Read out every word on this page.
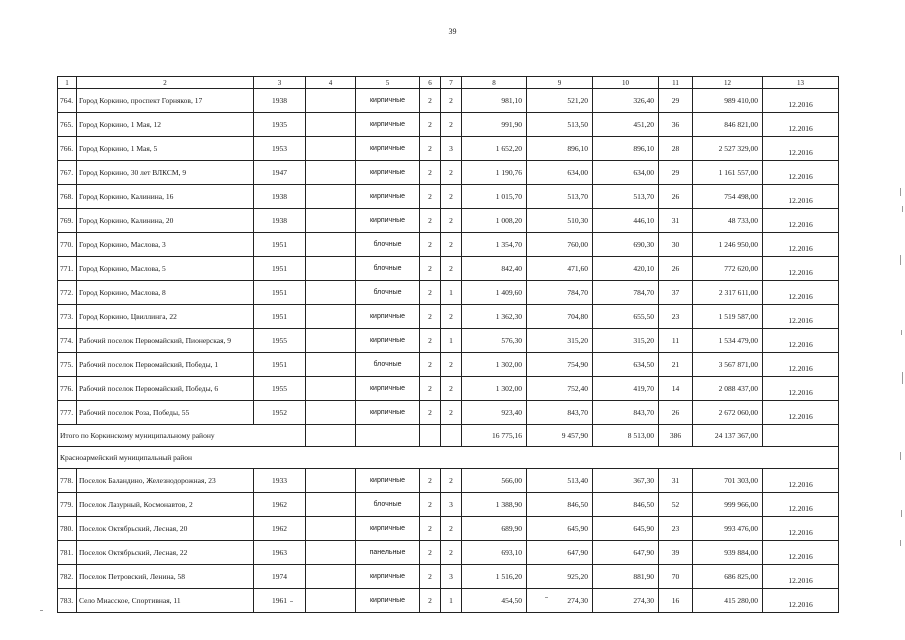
39
1	2	3	4	5	6	7	8	9	10	11	12	13
764.	Город Коркино, проспект Горняков, 17	1938		кирпичные	2	2	981,10	521,20	326,40	29	989 410,00	12.2016
765.	Город Коркино, 1 Мая, 12	1935		кирпичные	2	2	991,90	513,50	451,20	36	846 821,00	12.2016
766.	Город Коркино, 1 Мая, 5	1953		кирпичные	2	3	1 652,20	896,10	896,10	28	2 527 329,00	12.2016
767.	Город Коркино, 30 лет ВЛКСМ, 9	1947		кирпичные	2	2	1 190,76	634,00	634,00	29	1 161 557,00	12.2016
768.	Город Коркино, Калинина, 16	1938		кирпичные	2	2	1 015,70	513,70	513,70	26	754 498,00	12.2016
769.	Город Коркино, Калинина, 20	1938		кирпичные	2	2	1 008,20	510,30	446,10	31	48 733,00	12.2016
770.	Город Коркино, Маслова, 3	1951		блочные	2	2	1 354,70	760,00	690,30	30	1 246 950,00	12.2016
771.	Город Коркино, Маслова, 5	1951		блочные	2	2	842,40	471,60	420,10	26	772 620,00	12.2016
772.	Город Коркино, Маслова, 8	1951		блочные	2	1	1 409,60	784,70	784,70	37	2 317 611,00	12.2016
773.	Город Коркино, Цвиллинга, 22	1951		кирпичные	2	2	1 362,30	704,80	655,50	23	1 519 587,00	12.2016
774.	Рабочий поселок Первомайский, Пионерская, 9	1955		кирпичные	2	1	576,30	315,20	315,20	11	1 534 479,00	12.2016
775.	Рабочий поселок Первомайский, Победы, 1	1951		блочные	2	2	1 302,00	754,90	634,50	21	3 567 871,00	12.2016
776.	Рабочий поселок Первомайский, Победы, 6	1955		кирпичные	2	2	1 302,00	752,40	419,70	14	2 088 437,00	12.2016
777.	Рабочий поселок Роза, Победы, 55	1952		кирпичные	2	2	923,40	843,70	843,70	26	2 672 060,00	12.2016
Итого по Коркинскому муниципальному району							16 775,16	9 457,90	8 513,00	386	24 137 367,00	
Красноармейский муниципальный район												
778.	Поселок Баландино, Железнодорожная, 23	1933		кирпичные	2	2	566,00	513,40	367,30	31	701 303,00	12.2016
779.	Поселок Лазурный, Космонавтов, 2	1962		блочные	2	3	1 388,90	846,50	846,50	52	999 966,00	12.2016
780.	Поселок Октябрьский, Лесная, 20	1962		кирпичные	2	2	689,90	645,90	645,90	23	993 476,00	12.2016
781.	Поселок Октябрьский, Лесная, 22	1963		панельные	2	2	693,10	647,90	647,90	39	939 884,00	12.2016
782.	Поселок Петровский, Ленина, 58	1974		кирпичные	2	3	1 516,20	925,20	881,90	70	686 825,00	12.2016
783.	Село Миасское, Спортивная, 11	1961		кирпичные	2	1	454,50	274,30	274,30	16	415 280,00	12.2016
